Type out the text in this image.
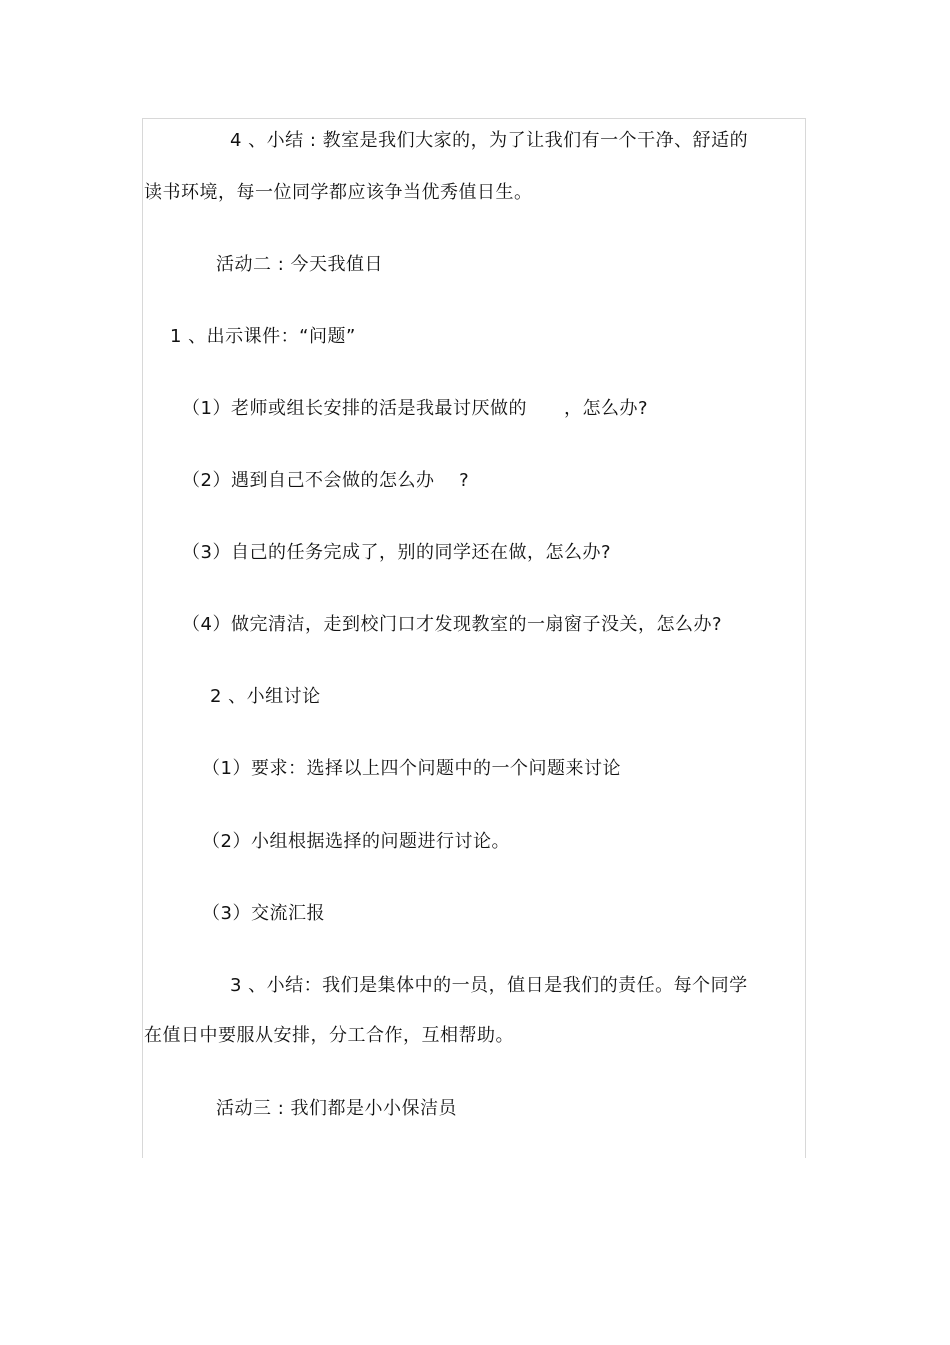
4 、小结 : 教室是我们大家的，为了让我们有一个干净、舒适的
读书环境，每一位同学都应该争当优秀值日生。
活动二 : 今天我值日
1 、出示课件：“问题”
（1）老师或组长安排的活是我最讨厌做的　　，怎么办?
（2）遇到自己不会做的怎么办　 ?
（3）自己的任务完成了，别的同学还在做，怎么办?
（4）做完清洁，走到校门口才发现教室的一扇窗子没关，怎么办?
2 、小组讨论
（1）要求：选择以上四个问题中的一个问题来讨论
（2）小组根据选择的问题进行讨论。
（3）交流汇报
3 、小结：我们是集体中的一员，值日是我们的责任。每个同学
在值日中要服从安排，分工合作，互相帮助。
活动三 : 我们都是小小保洁员
